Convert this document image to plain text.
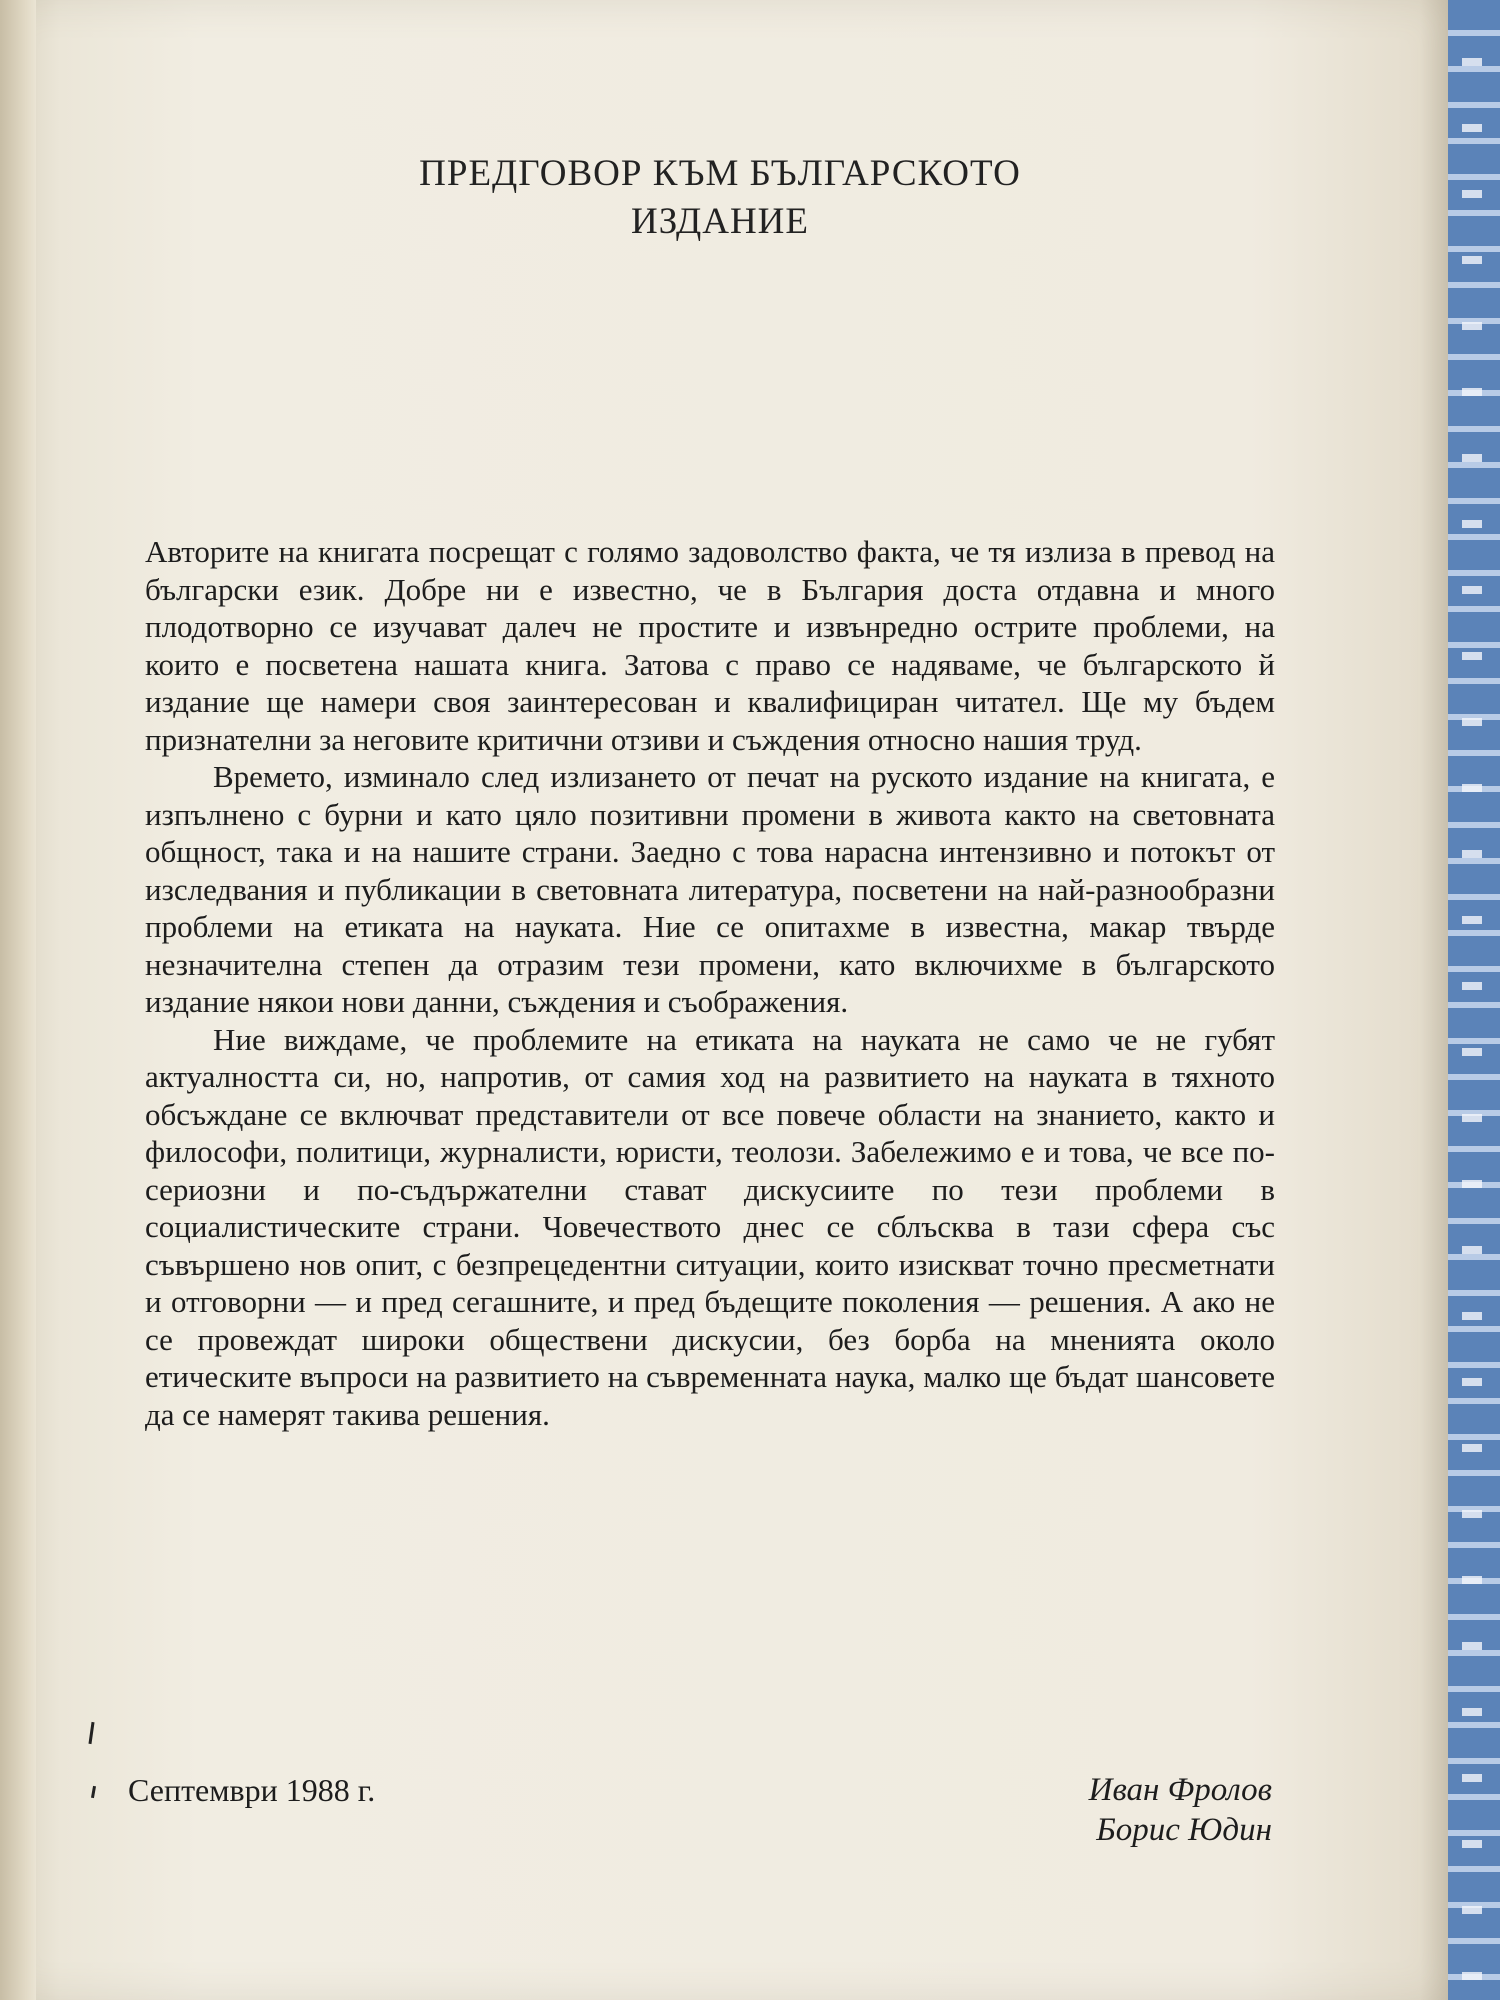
ПРЕДГОВОР КЪМ БЪЛГАРСКОТО
ИЗДАНИЕ

Авторите на книгата посрещат с голямо задоволство факта, че тя излиза в превод на български език. Добре ни е известно, че в България доста отдавна и много плодотворно се изучават далеч не простите и извънредно острите проблеми, на които е посветена нашата книга. Затова с право се надяваме, че българското й издание ще намери своя заинтересован и квалифициран читател. Ще му бъдем признателни за неговите критични отзиви и съждения относно нашия труд.

Времето, изминало след излизането от печат на руското издание на книгата, е изпълнено с бурни и като цяло позитивни промени в живота както на световната общност, така и на нашите страни. Заедно с това нарасна интензивно и потокът от изследвания и публикации в световната литература, посветени на най-разнообразни проблеми на етиката на науката. Ние се опитахме в известна, макар твърде незначителна степен да отразим тези промени, като включихме в българското издание някои нови данни, съждения и съображения.

Ние виждаме, че проблемите на етиката на науката не само че не губят актуалността си, но, напротив, от самия ход на развитието на науката в тяхното обсъждане се включват представители от все повече области на знанието, както и философи, политици, журналисти, юристи, теолози. Забележимо е и това, че все по-сериозни и по-съдържателни стават дискусиите по тези проблеми в социалистическите страни. Човечеството днес се сблъсква в тази сфера със съвършено нов опит, с безпрецедентни ситуации, които изискват точно пресметнати и отговорни — и пред сегашните, и пред бъдещите поколения — решения. А ако не се провеждат широки обществени дискусии, без борба на мненията около етическите въпроси на развитието на съвременната наука, малко ще бъдат шансовете да се намерят такива решения.

Септември 1988 г.	Иван Фролов
Борис Юдин
